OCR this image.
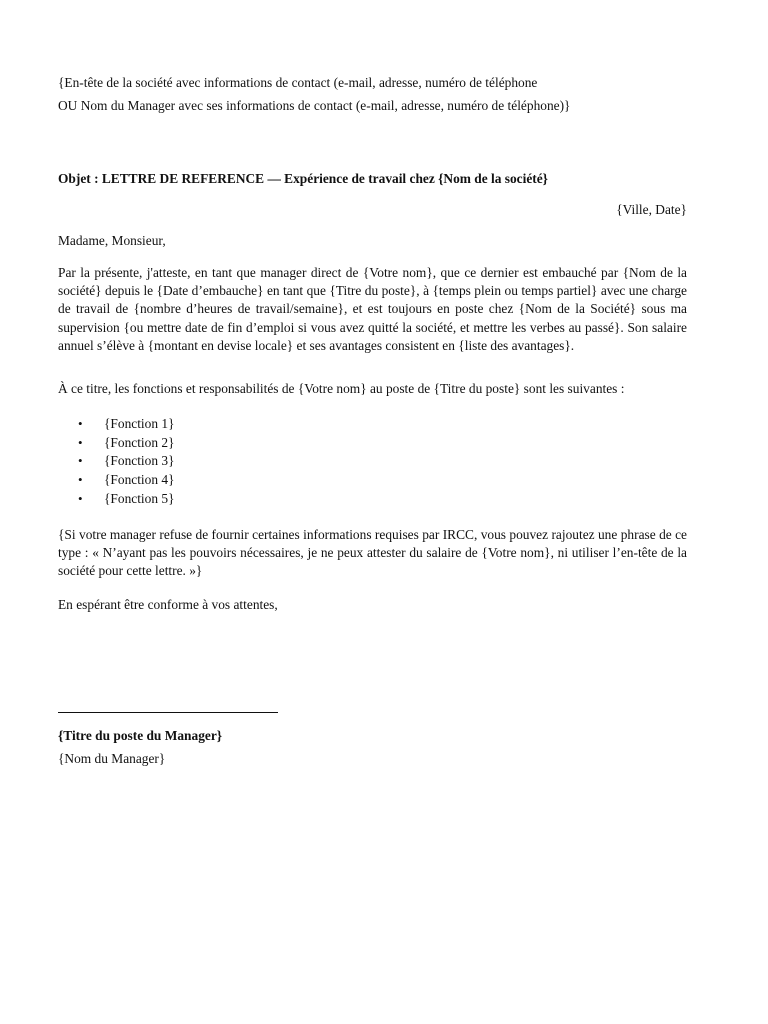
{En-tête de la société avec informations de contact (e-mail, adresse, numéro de téléphone
OU Nom du Manager avec ses informations de contact (e-mail, adresse, numéro de téléphone)}
Objet : LETTRE DE REFERENCE — Expérience de travail chez {Nom de la société}
{Ville, Date}
Madame, Monsieur,
Par la présente, j'atteste, en tant que manager direct de {Votre nom}, que ce dernier est embauché par {Nom de la société} depuis le {Date d’embauche} en tant que {Titre du poste}, à {temps plein ou temps partiel} avec une charge de travail de {nombre d’heures de travail/semaine}, et est toujours en poste chez {Nom de la Société} sous ma supervision {ou mettre date de fin d’emploi si vous avez quitté la société, et mettre les verbes au passé}. Son salaire annuel s’élève à {montant en devise locale} et ses avantages consistent en {liste des avantages}.
À ce titre, les fonctions et responsabilités de {Votre nom} au poste de {Titre du poste} sont les suivantes :
• {Fonction 1}
• {Fonction 2}
• {Fonction 3}
• {Fonction 4}
• {Fonction 5}
{Si votre manager refuse de fournir certaines informations requises par IRCC, vous pouvez rajoutez une phrase de ce type : « N’ayant pas les pouvoirs nécessaires, je ne peux attester du salaire de {Votre nom}, ni utiliser l’en-tête de la société pour cette lettre. »}
En espérant être conforme à vos attentes,
{Titre du poste du Manager}
{Nom du Manager}
